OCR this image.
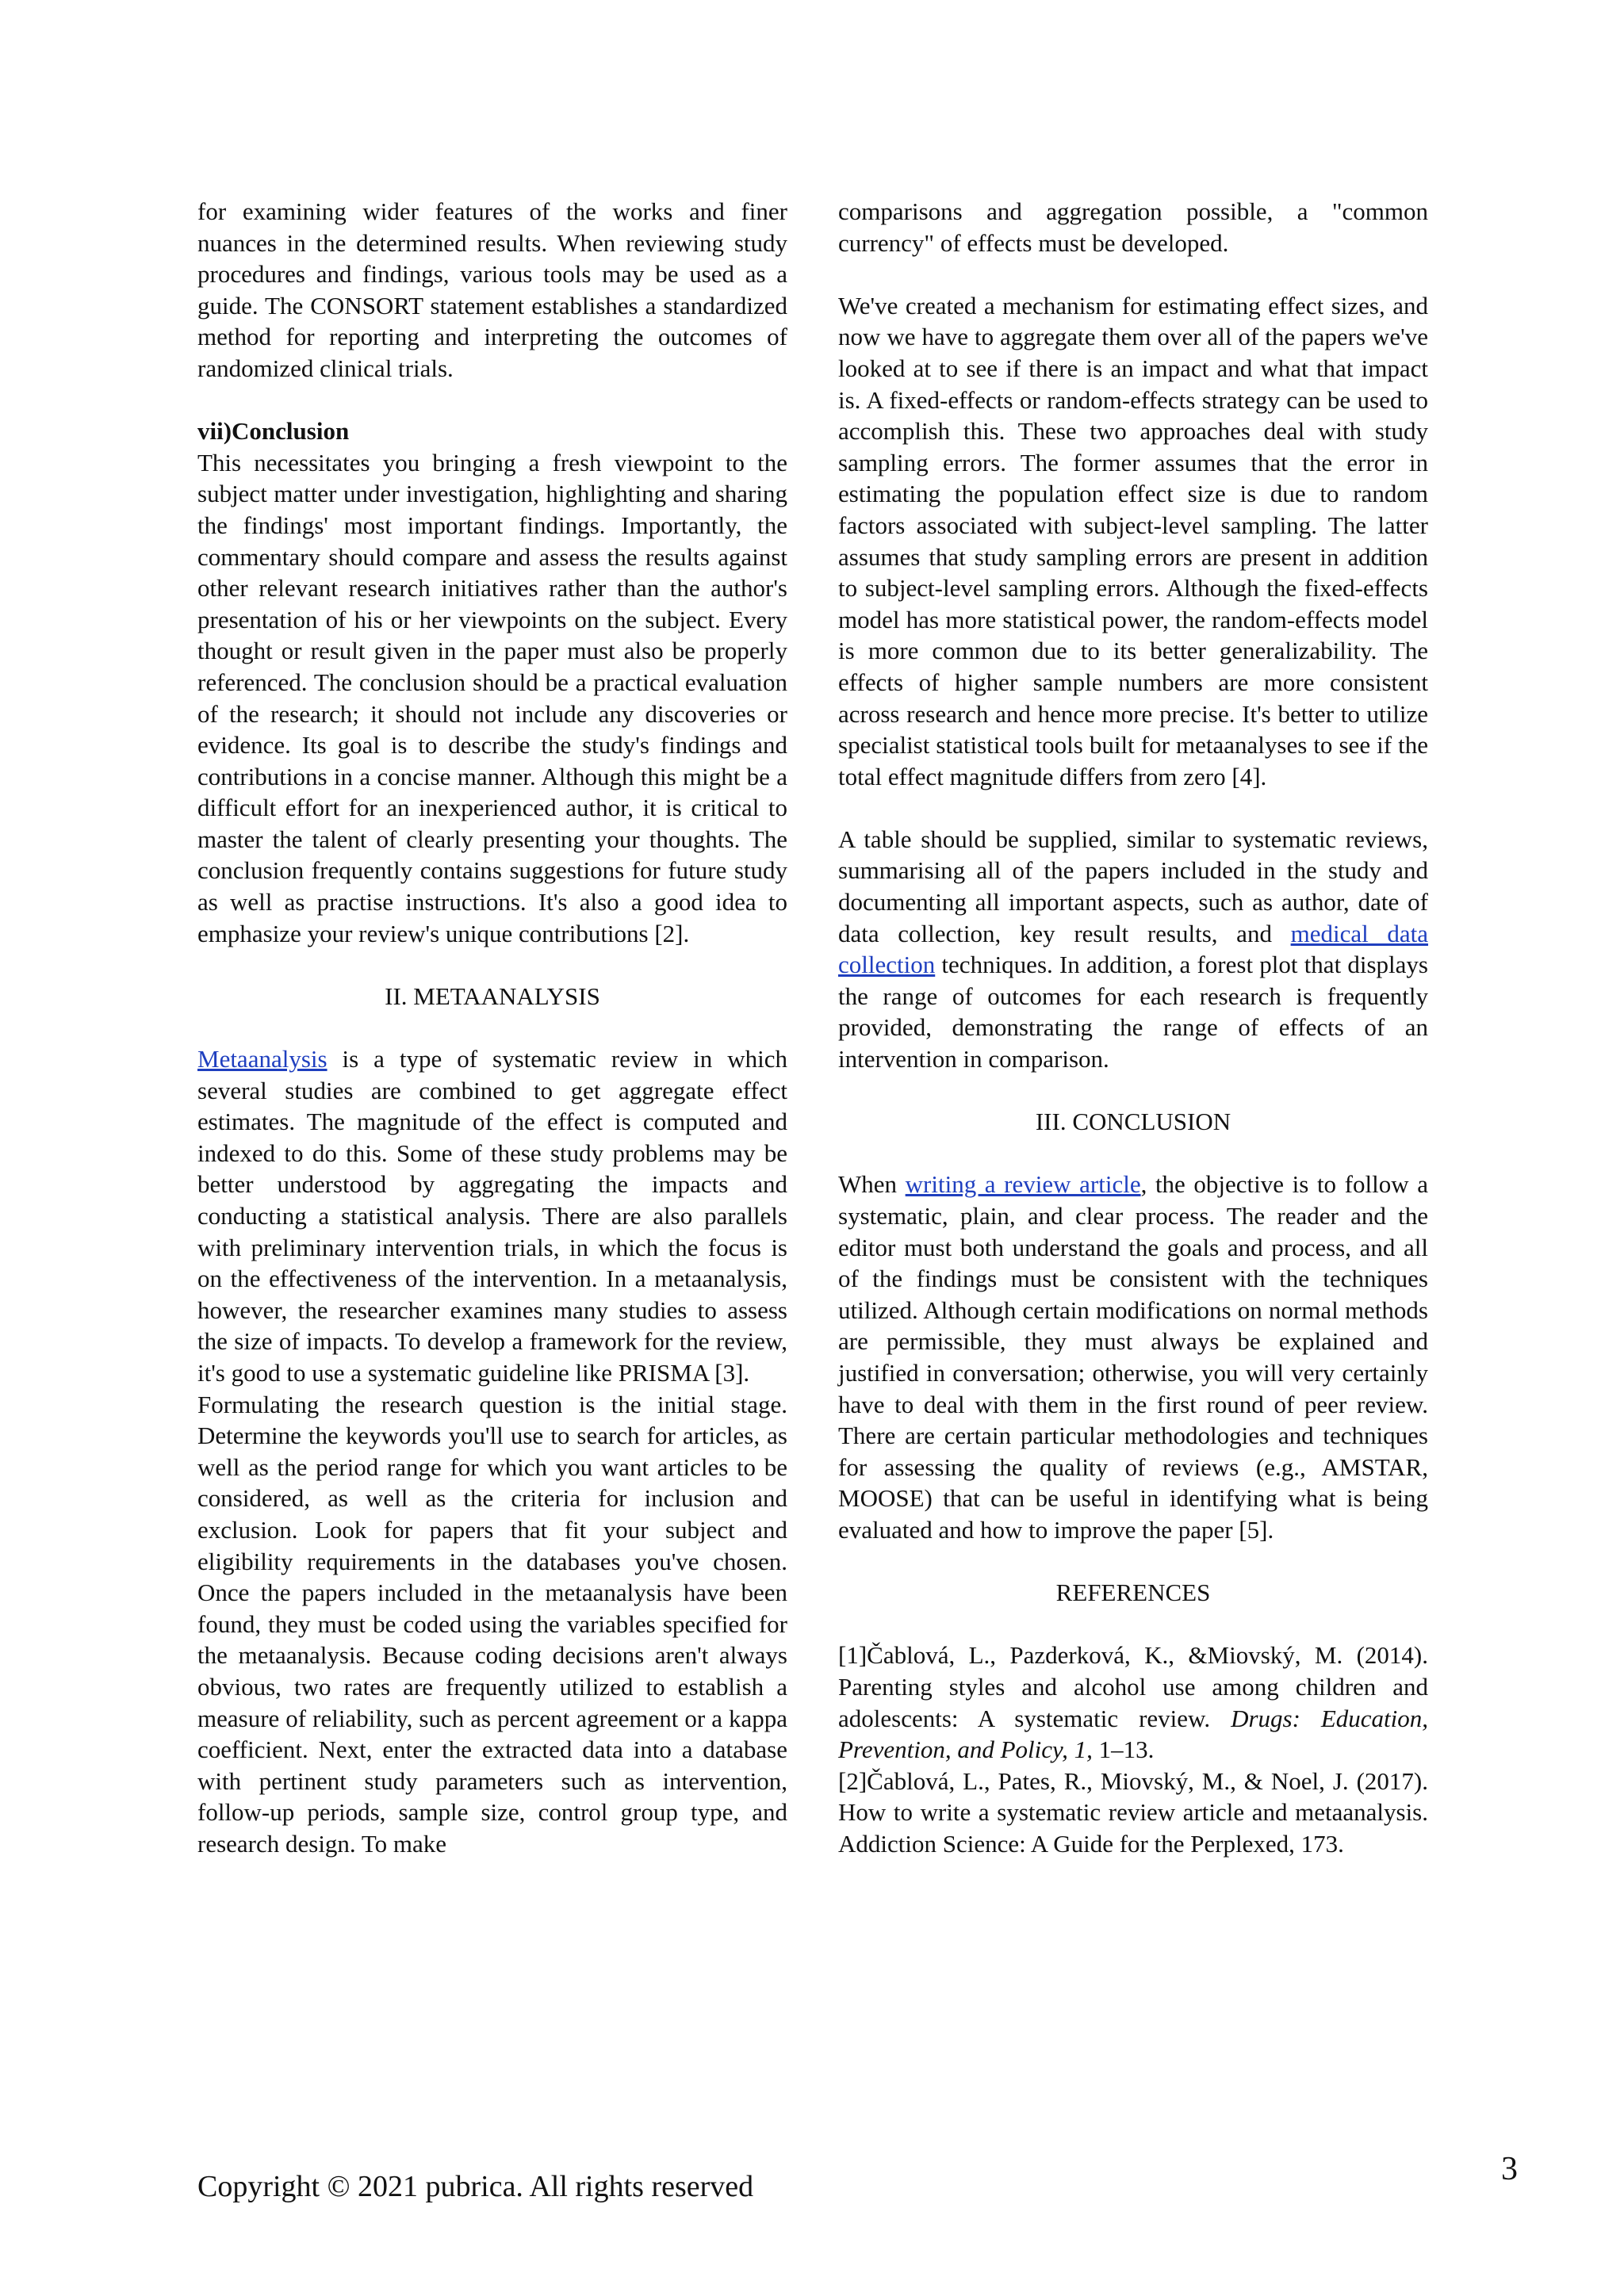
for examining wider features of the works and finer nuances in the determined results. When reviewing study procedures and findings, various tools may be used as a guide. The CONSORT statement establishes a standardized method for reporting and interpreting the outcomes of randomized clinical trials.

vii)Conclusion

This necessitates you bringing a fresh viewpoint to the subject matter under investigation, highlighting and sharing the findings' most important findings. Importantly, the commentary should compare and assess the results against other relevant research initiatives rather than the author's presentation of his or her viewpoints on the subject. Every thought or result given in the paper must also be properly referenced. The conclusion should be a practical evaluation of the research; it should not include any discoveries or evidence. Its goal is to describe the study's findings and contributions in a concise manner. Although this might be a difficult effort for an inexperienced author, it is critical to master the talent of clearly presenting your thoughts. The conclusion frequently contains suggestions for future study as well as practise instructions. It's also a good idea to emphasize your review's unique contributions [2].

II. METAANALYSIS

Metaanalysis is a type of systematic review in which several studies are combined to get aggregate effect estimates. The magnitude of the effect is computed and indexed to do this. Some of these study problems may be better understood by aggregating the impacts and conducting a statistical analysis. There are also parallels with preliminary intervention trials, in which the focus is on the effectiveness of the intervention. In a metaanalysis, however, the researcher examines many studies to assess the size of impacts. To develop a framework for the review, it's good to use a systematic guideline like PRISMA [3].

Formulating the research question is the initial stage. Determine the keywords you'll use to search for articles, as well as the period range for which you want articles to be considered, as well as the criteria for inclusion and exclusion. Look for papers that fit your subject and eligibility requirements in the databases you've chosen. Once the papers included in the metaanalysis have been found, they must be coded using the variables specified for the metaanalysis. Because coding decisions aren't always obvious, two rates are frequently utilized to establish a measure of reliability, such as percent agreement or a kappa coefficient. Next, enter the extracted data into a database with pertinent study parameters such as intervention, follow-up periods, sample size, control group type, and research design. To make

comparisons and aggregation possible, a "common currency" of effects must be developed.

We've created a mechanism for estimating effect sizes, and now we have to aggregate them over all of the papers we've looked at to see if there is an impact and what that impact is. A fixed-effects or random-effects strategy can be used to accomplish this. These two approaches deal with study sampling errors. The former assumes that the error in estimating the population effect size is due to random factors associated with subject-level sampling. The latter assumes that study sampling errors are present in addition to subject-level sampling errors. Although the fixed-effects model has more statistical power, the random-effects model is more common due to its better generalizability. The effects of higher sample numbers are more consistent across research and hence more precise. It's better to utilize specialist statistical tools built for metaanalyses to see if the total effect magnitude differs from zero [4].

A table should be supplied, similar to systematic reviews, summarising all of the papers included in the study and documenting all important aspects, such as author, date of data collection, key result results, and medical data collection techniques. In addition, a forest plot that displays the range of outcomes for each research is frequently provided, demonstrating the range of effects of an intervention in comparison.

III. CONCLUSION

When writing a review article, the objective is to follow a systematic, plain, and clear process. The reader and the editor must both understand the goals and process, and all of the findings must be consistent with the techniques utilized. Although certain modifications on normal methods are permissible, they must always be explained and justified in conversation; otherwise, you will very certainly have to deal with them in the first round of peer review. There are certain particular methodologies and techniques for assessing the quality of reviews (e.g., AMSTAR, MOOSE) that can be useful in identifying what is being evaluated and how to improve the paper [5].

REFERENCES

[1]Čablová, L., Pazderková, K., &Miovský, M. (2014). Parenting styles and alcohol use among children and adolescents: A systematic review. Drugs: Education, Prevention, and Policy, 1, 1–13.

[2]Čablová, L., Pates, R., Miovský, M., & Noel, J. (2017). How to write a systematic review article and metaanalysis. Addiction Science: A Guide for the Perplexed, 173.

Copyright © 2021 pubrica. All rights reserved	3
